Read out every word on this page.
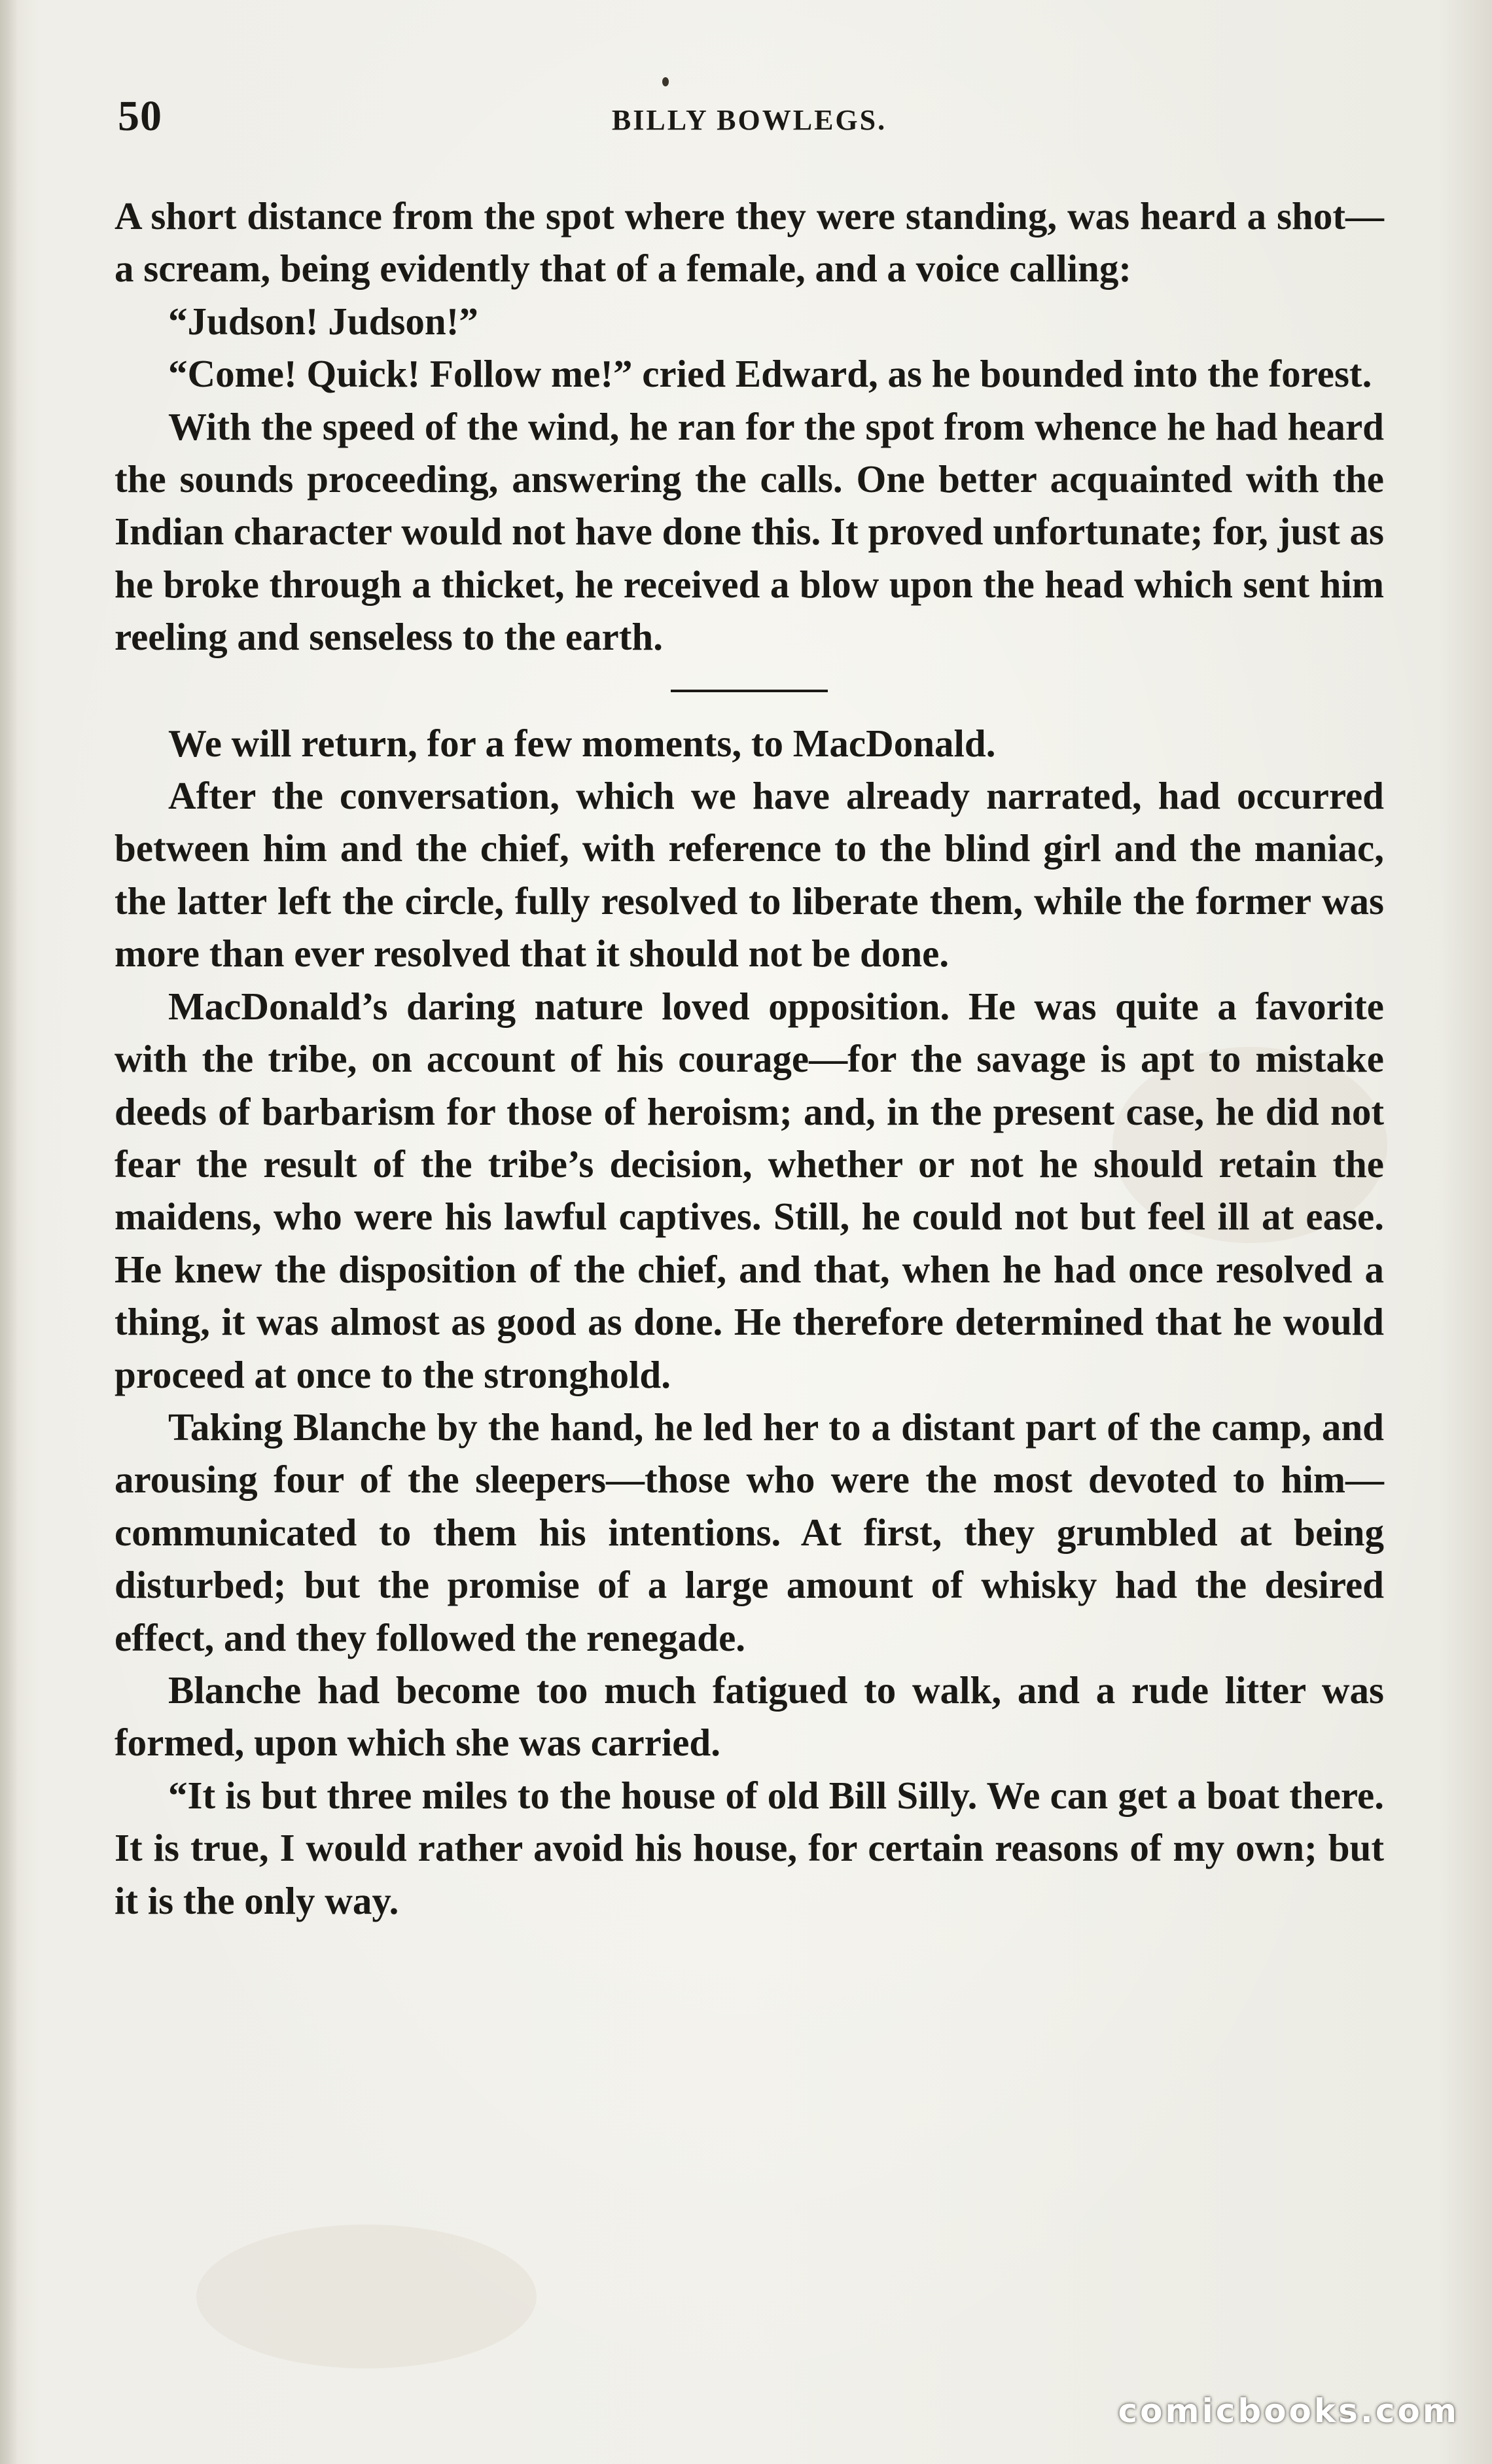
50	BILLY BOWLEGS.

A short distance from the spot where they were standing, was heard a shot—a scream, being evidently that of a female, and a voice calling:

“Judson! Judson!”

“Come! Quick! Follow me!” cried Edward, as he bounded into the forest.

With the speed of the wind, he ran for the spot from whence he had heard the sounds proceeding, answering the calls. One better acquainted with the Indian character would not have done this. It proved unfortunate; for, just as he broke through a thicket, he received a blow upon the head which sent him reeling and senseless to the earth.

We will return, for a few moments, to MacDonald.

After the conversation, which we have already narrated, had occurred between him and the chief, with reference to the blind girl and the maniac, the latter left the circle, fully resolved to liberate them, while the former was more than ever resolved that it should not be done.

MacDonald’s daring nature loved opposition. He was quite a favorite with the tribe, on account of his courage—for the savage is apt to mistake deeds of barbarism for those of heroism; and, in the present case, he did not fear the result of the tribe’s decision, whether or not he should retain the maidens, who were his lawful captives. Still, he could not but feel ill at ease. He knew the disposition of the chief, and that, when he had once resolved a thing, it was almost as good as done. He therefore determined that he would proceed at once to the stronghold.

Taking Blanche by the hand, he led her to a distant part of the camp, and arousing four of the sleepers—those who were the most devoted to him—communicated to them his intentions. At first, they grumbled at being disturbed; but the promise of a large amount of whisky had the desired effect, and they followed the renegade.

Blanche had become too much fatigued to walk, and a rude litter was formed, upon which she was carried.

“It is but three miles to the house of old Bill Silly. We can get a boat there. It is true, I would rather avoid his house, for certain reasons of my own; but it is the only way.

comicbooks.com
